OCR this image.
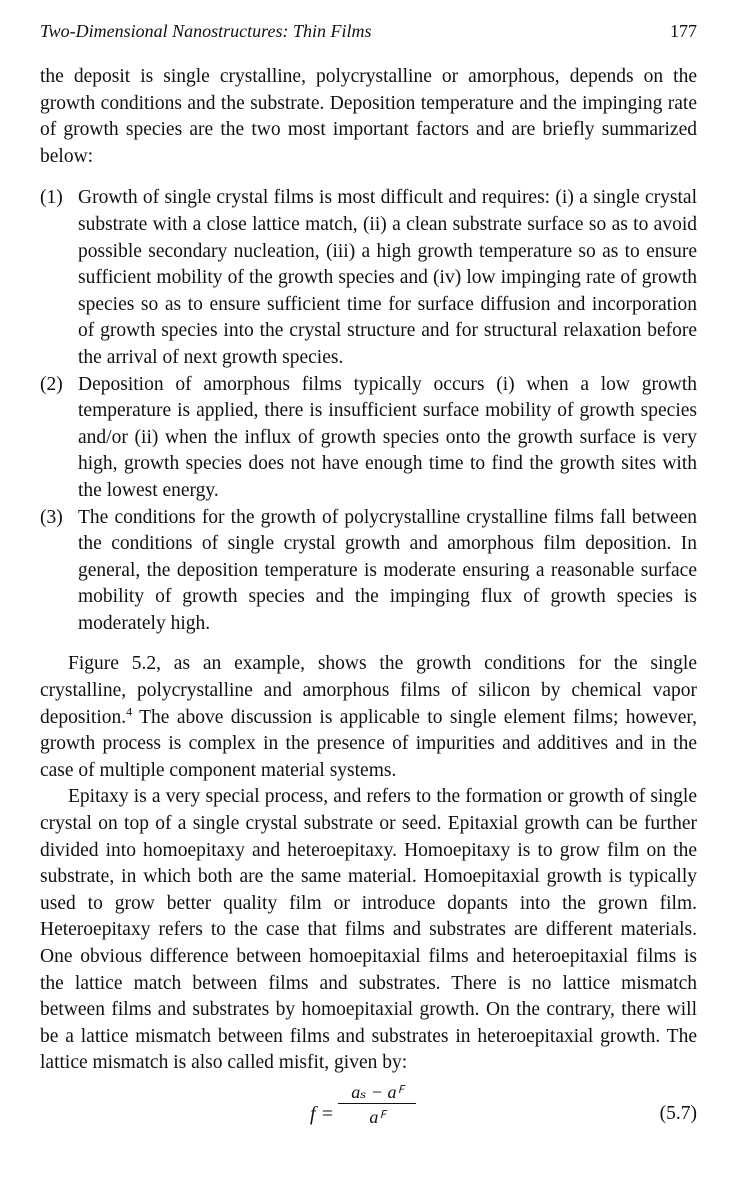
Two-Dimensional Nanostructures: Thin Films	177

the deposit is single crystalline, polycrystalline or amorphous, depends on the growth conditions and the substrate. Deposition temperature and the impinging rate of growth species are the two most important factors and are briefly summarized below:

(1) Growth of single crystal films is most difficult and requires: (i) a single crystal substrate with a close lattice match, (ii) a clean substrate surface so as to avoid possible secondary nucleation, (iii) a high growth temperature so as to ensure sufficient mobility of the growth species and (iv) low impinging rate of growth species so as to ensure sufficient time for surface diffusion and incorporation of growth species into the crystal structure and for structural relaxation before the arrival of next growth species.
(2) Deposition of amorphous films typically occurs (i) when a low growth temperature is applied, there is insufficient surface mobility of growth species and/or (ii) when the influx of growth species onto the growth surface is very high, growth species does not have enough time to find the growth sites with the lowest energy.
(3) The conditions for the growth of polycrystalline crystalline films fall between the conditions of single crystal growth and amorphous film deposition. In general, the deposition temperature is moderate ensuring a reasonable surface mobility of growth species and the impinging flux of growth species is moderately high.

Figure 5.2, as an example, shows the growth conditions for the single crystalline, polycrystalline and amorphous films of silicon by chemical vapor deposition.$^4$ The above discussion is applicable to single element films; however, growth process is complex in the presence of impurities and additives and in the case of multiple component material systems.

Epitaxy is a very special process, and refers to the formation or growth of single crystal on top of a single crystal substrate or seed. Epitaxial growth can be further divided into homoepitaxy and heteroepitaxy. Homoepitaxy is to grow film on the substrate, in which both are the same material. Homoepitaxial growth is typically used to grow better quality film or introduce dopants into the grown film. Heteroepitaxy refers to the case that films and substrates are different materials. One obvious difference between homoepitaxial films and heteroepitaxial films is the lattice match between films and substrates. There is no lattice mismatch between films and substrates by homoepitaxial growth. On the contrary, there will be a lattice mismatch between films and substrates in heteroepitaxial growth. The lattice mismatch is also called misfit, given by:

$f = \frac{\text{aₛ − aꟳ}}{\text{aꟳ}}$	(5.7)
